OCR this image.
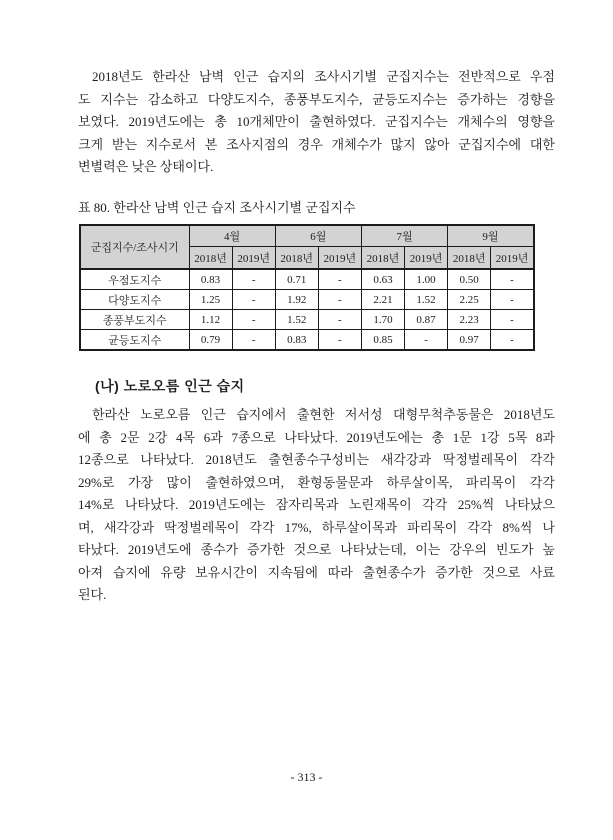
2018년도 한라산 남벽 인근 습지의 조사시기별 군집지수는 전반적으로 우점
도 지수는 감소하고 다양도지수, 종풍부도지수, 균등도지수는 증가하는 경향을
보였다. 2019년도에는 총 10개체만이 출현하였다. 군집지수는 개체수의 영향을
크게 받는 지수로서 본 조사지점의 경우 개체수가 많지 않아 군집지수에 대한
변별력은 낮은 상태이다.
표 80. 한라산 남벽 인근 습지 조사시기별 군집지수
군집지수/조사시기	4월		6월		7월		9월	
	2018년	2019년	2018년	2019년	2018년	2019년	2018년	2019년
우점도지수	0.83	-	0.71	-	0.63	1.00	0.50	-
다양도지수	1.25	-	1.92	-	2.21	1.52	2.25	-
종풍부도지수	1.12	-	1.52	-	1.70	0.87	2.23	-
균등도지수	0.79	-	0.83	-	0.85	-	0.97	-
(나) 노로오름 인근 습지
한라산 노로오름 인근 습지에서 출현한 저서성 대형무척추동물은 2018년도
에 총 2문 2강 4목 6과 7종으로 나타났다. 2019년도에는 총 1문 1강 5목 8과
12종으로 나타났다. 2018년도 출현종수구성비는 새각강과 딱정벌레목이 각각
29%로 가장 많이 출현하였으며, 환형동물문과 하루살이목, 파리목이 각각
14%로 나타났다. 2019년도에는 잠자리목과 노린재목이 각각 25%씩 나타났으
며, 새각강과 딱정벌레목이 각각 17%, 하루살이목과 파리목이 각각 8%씩 나
타났다. 2019년도에 종수가 증가한 것으로 나타났는데, 이는 강우의 빈도가 높
아져 습지에 유량 보유시간이 지속됨에 따라 출현종수가 증가한 것으로 사료
된다.
- 313 -
